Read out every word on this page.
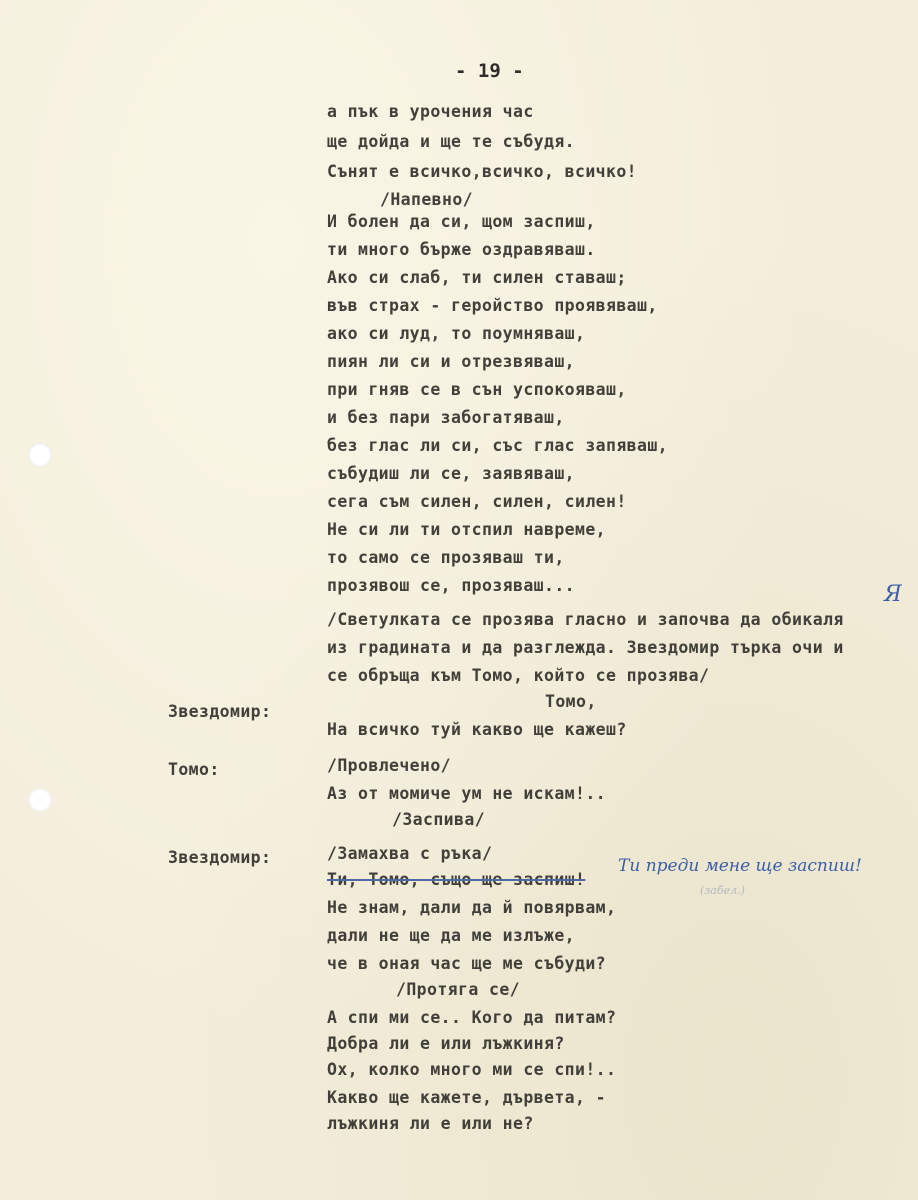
- 19 -
а пък в урочения час
ще дойда и ще те събудя.
Сънят е всичко,всичко, всичко!
/Напевно/
И болен да си, щом заспиш,
ти много бърже оздравяваш.
Ако си слаб, ти силен ставаш;
във страх - геройство проявяваш,
ако си луд, то поумняваш,
пиян ли си и отрезвяваш,
при гняв се в сън успокояваш,
и без пари забогатяваш,
без глас ли си, със глас запяваш,
събудиш ли се, заявяваш,
сега съм силен, силен, силен!
Не си ли ти отспил навреме,
то само се прозяваш ти,
прозявош се, прозяваш...
/Светулката се прозява гласно и започва да обикаля
из градината и да разглежда. Звездомир търка очи и
се обръща към Томо, който се прозява/
Я
Звездомир:
Томо,
На всичко туй какво ще кажеш?
Томо:	/Провлечено/
Аз от момиче ум не искам!..
/Заспива/
Звездомир:	/Замахва с ръка/
Ти, Томо, също ще заспиш!
Ти преди мене ще заспиш!
(забел.)
Не знам, дали да й повярвам,
дали не ще да ме излъже,
че в оная час ще ме събуди?
/Протяга се/
А спи ми се.. Кого да питам?
Добра ли е или лъжкиня?
Ох, колко много ми се спи!..
Какво ще кажете, дървета, -
лъжкиня ли е или не?
